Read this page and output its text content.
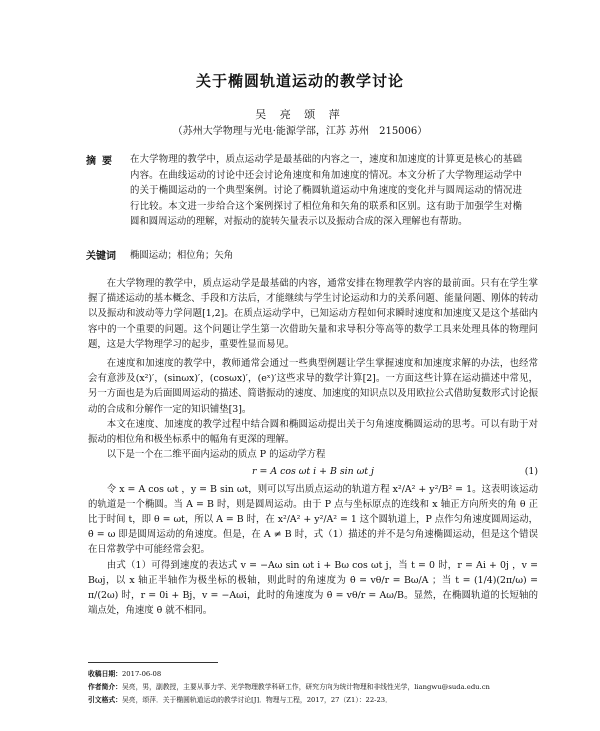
关于椭圆轨道运动的教学讨论
吴 亮 颂 萍
（苏州大学物理与光电·能源学部，江苏 苏州　215006）
摘要 在大学物理的教学中，质点运动学是最基础的内容之一，速度和加速度的计算更是核心的基础内容。在曲线运动的讨论中还会讨论角速度和角加速度的情况。本文分析了大学物理运动学中的关于椭圆运动的一个典型案例。讨论了椭圆轨道运动中角速度的变化并与圆周运动的情况进行比较。本文进一步给合这个案例探讨了相位角和矢角的联系和区别。这有助于加强学生对椭圆和圆周运动的理解，对振动的旋转矢量表示以及振动合成的深入理解也有帮助。
关键词 椭圆运动；相位角；矢角

在大学物理的教学中，质点运动学是最基础的内容，通常安排在物理教学内容的最前面。只有在学生掌握了描述运动的基本概念、手段和方法后，才能继续与学生讨论运动和力的关系问题、能量问题、刚体的转动以及振动和波动等力学问题[1,2]。在质点运动学中，已知运动方程如何求瞬时速度和加速度又是这个基础内容中的一个重要的问题。这个问题让学生第一次借助矢量和求导积分等高等的数学工具来处理具体的物理问题，这是大学物理学习的起步，重要性显而易见。

在速度和加速度的教学中，教师通常会通过一些典型例题让学生掌握速度和加速度求解的办法，也经常会有意涉及(x²)′，(sinωx)′，(cosωx)′，(eˣ)′这些求导的数学计算[2]。一方面这些计算在运动描述中常见，另一方面也是为后面圆周运动的描述、简谐振动的速度、加速度的知识点以及用欧拉公式借助复数形式讨论振动的合成和分解作一定的知识铺垫[3]。

本文在速度、加速度的教学过程中结合圆和椭圆运动提出关于匀角速度椭圆运动的思考。可以有助于对振动的相位角和极坐标系中的幅角有更深的理解。

以下是一个在二维平面内运动的质点 P 的运动学方程

r = A cos ωt i + B sin ωt j	(1)

令 x = A cos ωt ，y = B sin ωt，则可以写出质点运动的轨道方程 x²/A² + y²/B² = 1。这表明该运动的轨道是一个椭圆。当 A = B 时，则是圆周运动。由于 P 点与坐标原点的连线和 x 轴正方向所夹的角 θ 正比于时间 t，即 θ = ωt，所以 A = B 时，在 x²/A² + y²/A² = 1 这个圆轨道上，P 点作匀角速度圆周运动，θ̇ = ω 即是圆周运动的角速度。但是，在 A ≠ B 时，式（1）描述的并不是匀角速椭圆运动，但是这个错误在日常教学中可能经常会犯。

由式（1）可得到速度的表达式 v = −Aω sin ωt i + Bω cos ωt j，当 t = 0 时，r = Ai + 0j ，v = Bωj，以 x 轴正半轴作为极坐标的极轴，则此时的角速度为 θ̇ = vθ/r = Bω/A ；当 t = (1/4)(2π/ω) = π/(2ω) 时，r = 0i + Bj，v = −Aωi，此时的角速度为 θ̇ = vθ/r = Aω/B。显然，在椭圆轨道的长短轴的端点处，角速度 θ̇ 就不相同。

收稿日期：2017-06-08
作者简介：吴亮，男，副教授，主要从事力学、光学物理教学科研工作，研究方向为统计物理和非线性光学，liangwu@suda.edu.cn
引文格式：吴亮，颂萍．关于椭圆轨道运动的教学讨论[J]．物理与工程，2017，27（Z1）：22-23．
